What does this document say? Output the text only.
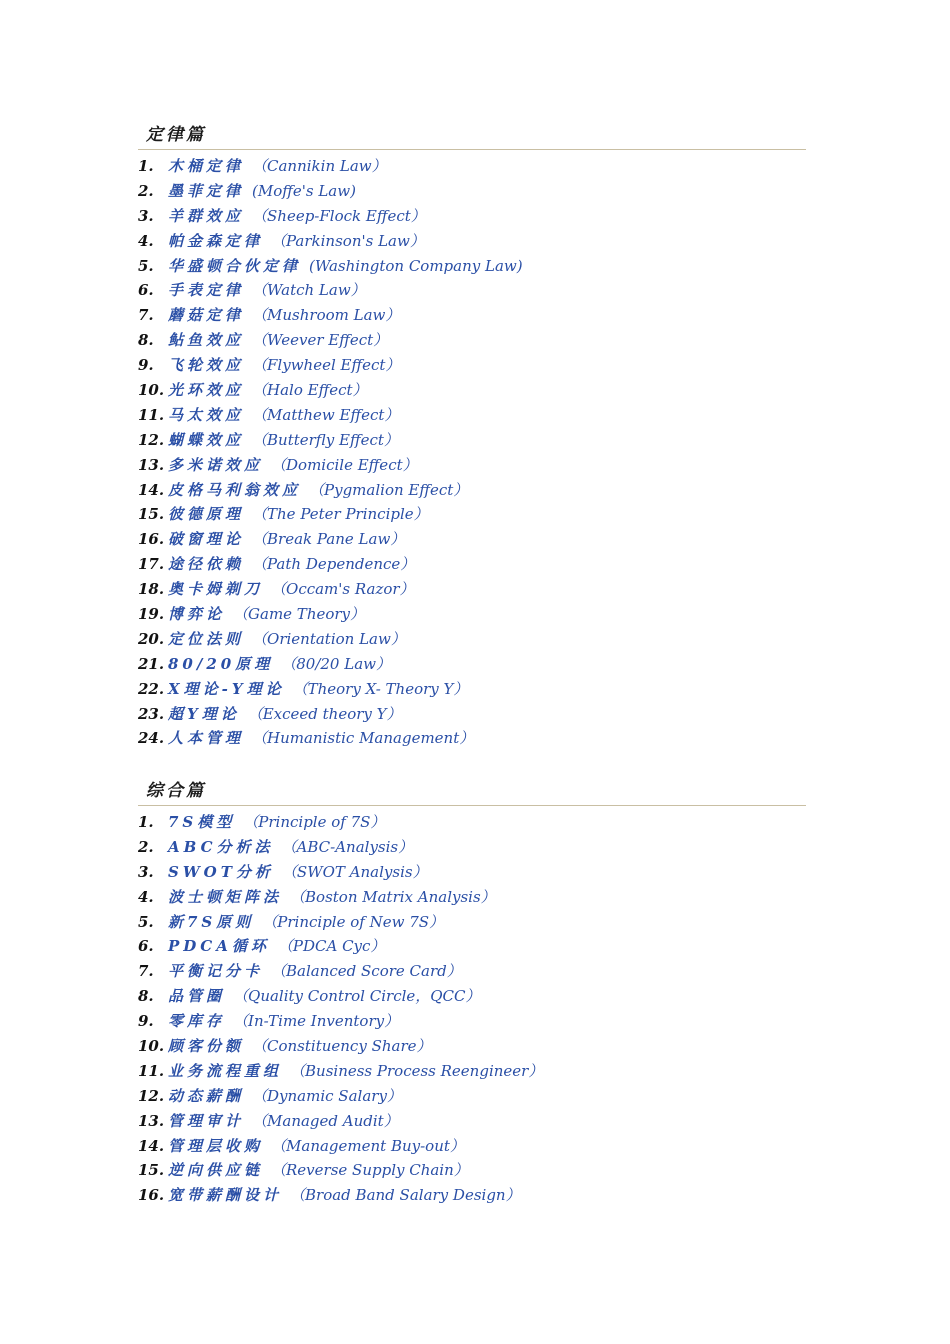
定律篇
1. 木桶定律 （Cannikin Law）
2. 墨菲定律 (Moffe's Law)
3. 羊群效应 （Sheep-Flock Effect）
4. 帕金森定律 （Parkinson's Law）
5. 华盛顿合伙定律 (Washington Company Law)
6. 手表定律 （Watch Law）
7. 蘑菇定律 （Mushroom Law）
8. 鲇鱼效应 （Weever Effect）
9. 飞轮效应 （Flywheel Effect）
10. 光环效应 （Halo Effect）
11. 马太效应 （Matthew Effect）
12. 蝴蝶效应 （Butterfly Effect）
13. 多米诺效应 （Domicile Effect）
14. 皮格马利翁效应 （Pygmalion Effect）
15. 彼德原理 （The Peter Principle）
16. 破窗理论 （Break Pane Law）
17. 途径依赖 （Path Dependence）
18. 奥卡姆剃刀 （Occam's Razor）
19. 博弈论 （Game Theory）
20. 定位法则 （Orientation Law）
21. 80/20原理 （80/20 Law）
22. X理论-Y理论 （Theory X- Theory Y）
23. 超Y理论 （Exceed theory Y）
24. 人本管理 （Humanistic Management）
综合篇
1. 7S模型 （Principle of 7S）
2. ABC分析法 （ABC-Analysis）
3. SWOT分析 （SWOT Analysis）
4. 波士顿矩阵法 （Boston Matrix Analysis）
5. 新7S原则 （Principle of New 7S）
6. PDCA循环 （PDCA Cyc）
7. 平衡记分卡 （Balanced Score Card）
8. 品管圈 （Quality Control Circle，QCC）
9. 零库存 （In-Time Inventory）
10. 顾客份额 （Constituency Share）
11. 业务流程重组 （Business Process Reengineer）
12. 动态薪酬 （Dynamic Salary）
13. 管理审计 （Managed Audit）
14. 管理层收购 （Management Buy-out）
15. 逆向供应链 （Reverse Supply Chain）
16. 宽带薪酬设计 （Broad Band Salary Design）
